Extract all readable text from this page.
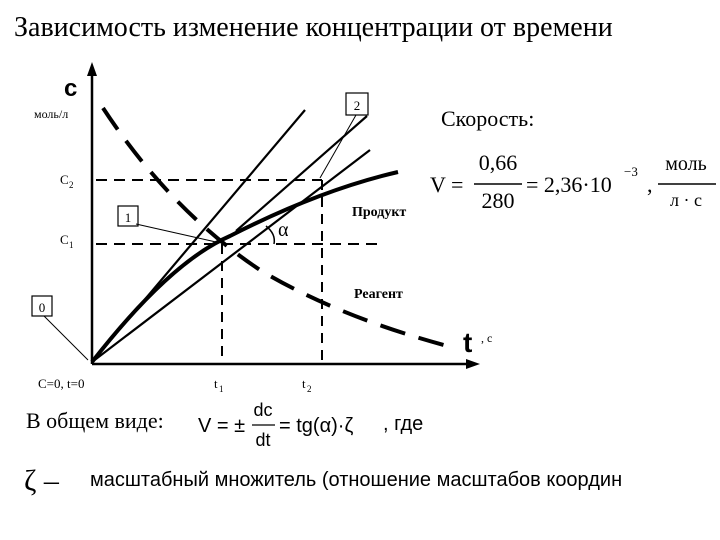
Зависимость изменение концентрации от времени
0
1
2
c
моль/л
t , c
C=0, t=0
C 2
C 1
t 1	t 2
Продукт
Реагент
α
V =
0,66
280
= 2,36·10
−3
,
моль
л · с
V = ±
dc
dt
= tg(α)·ζ
ζ –
Скорость:
В общем виде:	, где
масштабный множитель (отношение масштабов координ
